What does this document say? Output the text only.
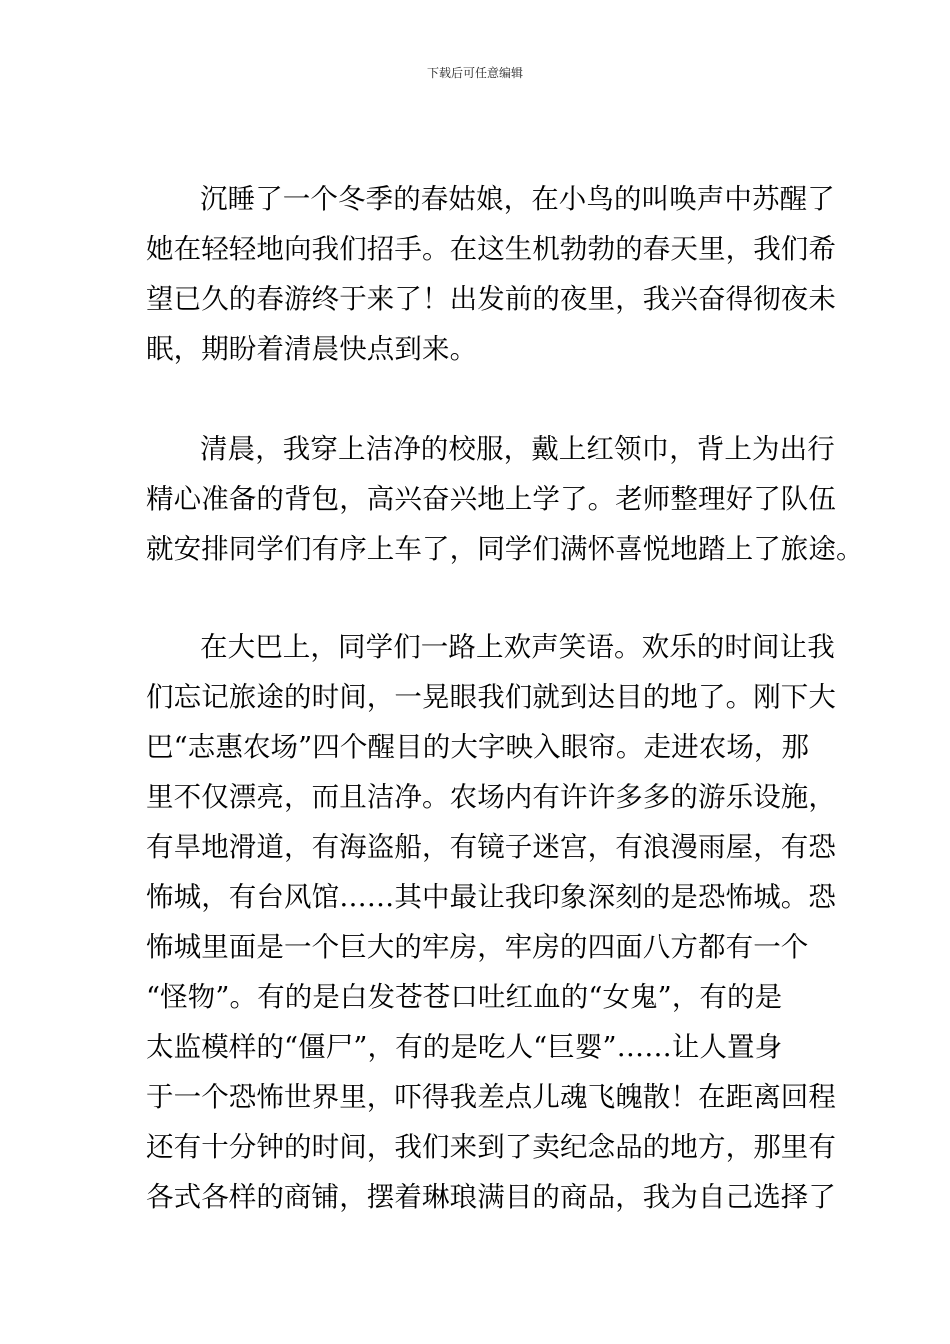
下载后可任意编辑
沉睡了一个冬季的春姑娘，在小鸟的叫唤声中苏醒了
她在轻轻地向我们招手。在这生机勃勃的春天里，我们希
望已久的春游终于来了！出发前的夜里，我兴奋得彻夜未
眠，期盼着清晨快点到来。
清晨，我穿上洁净的校服，戴上红领巾，背上为出行
精心准备的背包，高兴奋兴地上学了。老师整理好了队伍
就安排同学们有序上车了，同学们满怀喜悦地踏上了旅途。
在大巴上，同学们一路上欢声笑语。欢乐的时间让我
们忘记旅途的时间，一晃眼我们就到达目的地了。刚下大
巴“志惠农场”四个醒目的大字映入眼帘。走进农场，那
里不仅漂亮，而且洁净。农场内有许许多多的游乐设施，
有旱地滑道，有海盗船，有镜子迷宫，有浪漫雨屋，有恐
怖城，有台风馆……其中最让我印象深刻的是恐怖城。恐
怖城里面是一个巨大的牢房，牢房的四面八方都有一个
“怪物”。有的是白发苍苍口吐红血的“女鬼”，有的是
太监模样的“僵尸”，有的是吃人“巨婴”……让人置身
于一个恐怖世界里，吓得我差点儿魂飞魄散！在距离回程
还有十分钟的时间，我们来到了卖纪念品的地方，那里有
各式各样的商铺，摆着琳琅满目的商品，我为自己选择了
